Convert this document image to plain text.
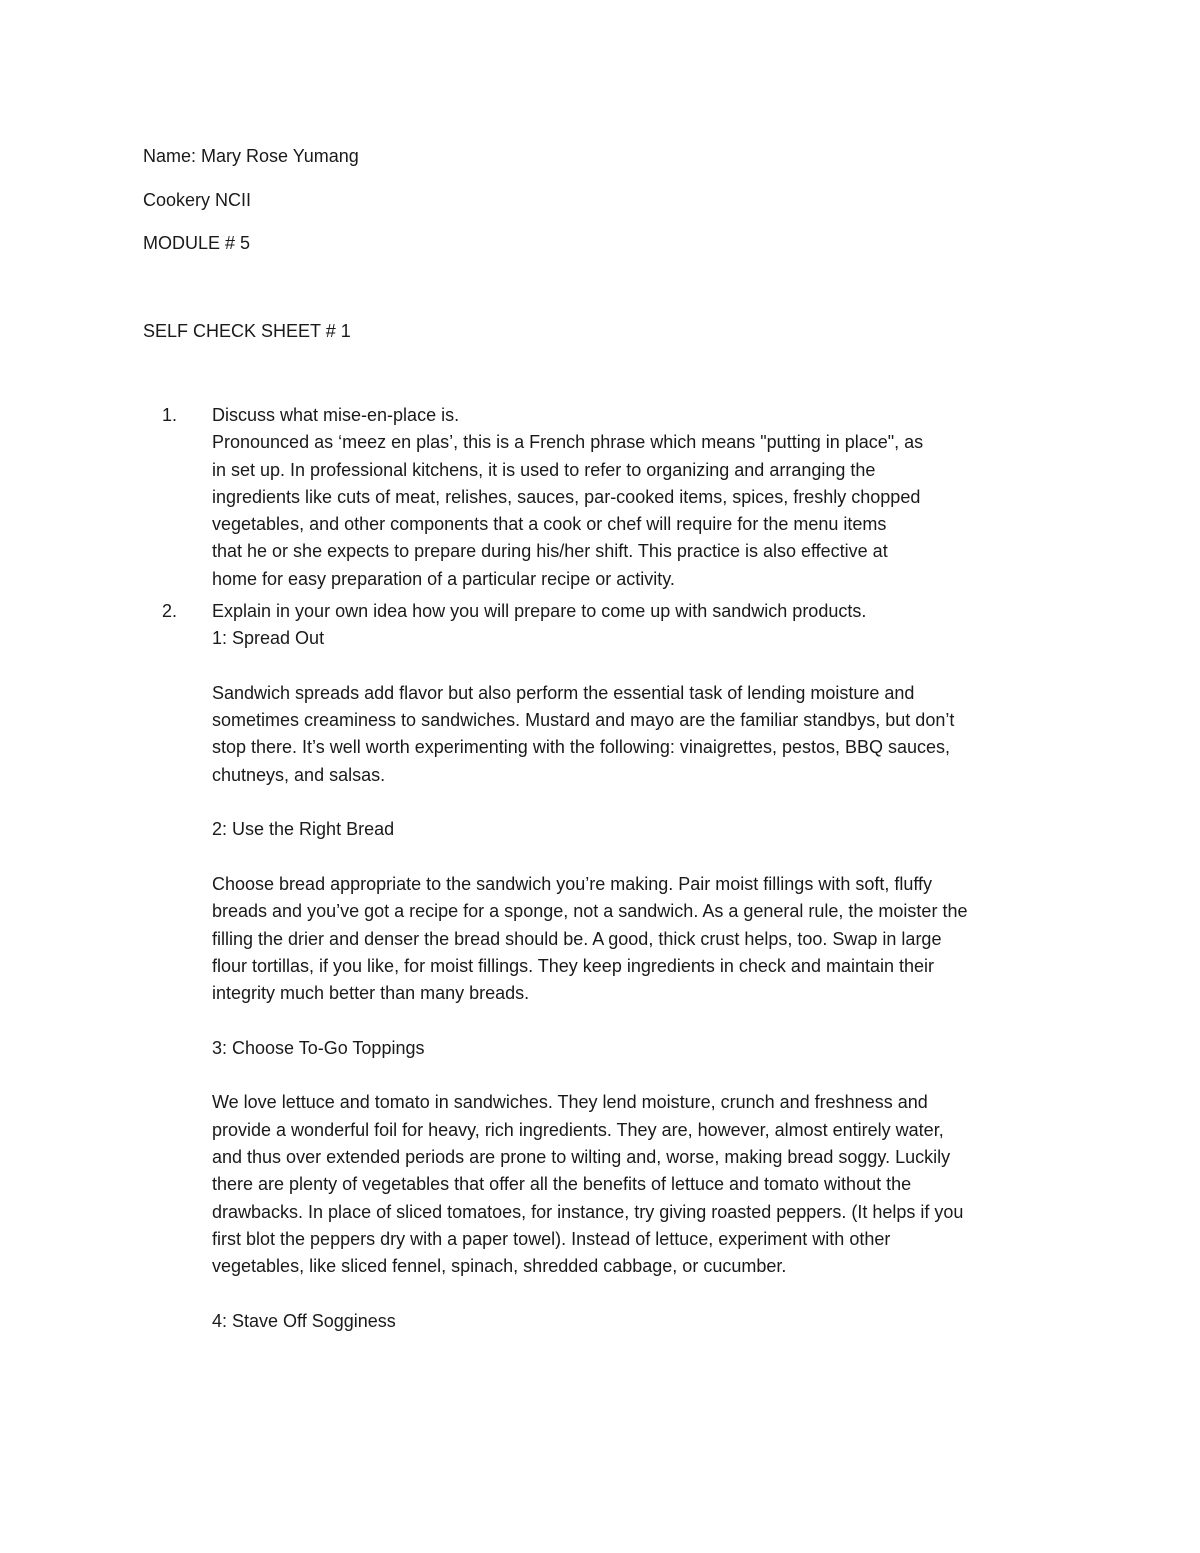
Name: Mary Rose Yumang
Cookery NCII
MODULE # 5
SELF CHECK SHEET # 1
1.	Discuss what mise-en-place is.

Pronounced as ‘meez en plas’, this is a French phrase which means "putting in place", as

in set up. In professional kitchens, it is used to refer to organizing and arranging the

ingredients like cuts of meat, relishes, sauces, par-cooked items, spices, freshly chopped

vegetables, and other components that a cook or chef will require for the menu items

that he or she expects to prepare during his/her shift. This practice is also effective at

home for easy preparation of a particular recipe or activity.

2.	Explain in your own idea how you will prepare to come up with sandwich products.

1: Spread Out

Sandwich spreads add flavor but also perform the essential task of lending moisture and

sometimes creaminess to sandwiches. Mustard and mayo are the familiar standbys, but don’t

stop there. It’s well worth experimenting with the following: vinaigrettes, pestos, BBQ sauces,

chutneys, and salsas.

2: Use the Right Bread

Choose bread appropriate to the sandwich you’re making. Pair moist fillings with soft, fluffy

breads and you’ve got a recipe for a sponge, not a sandwich. As a general rule, the moister the

filling the drier and denser the bread should be. A good, thick crust helps, too. Swap in large

flour tortillas, if you like, for moist fillings. They keep ingredients in check and maintain their

integrity much better than many breads.

3: Choose To-Go Toppings

We love lettuce and tomato in sandwiches. They lend moisture, crunch and freshness and

provide a wonderful foil for heavy, rich ingredients. They are, however, almost entirely water,

and thus over extended periods are prone to wilting and, worse, making bread soggy. Luckily

there are plenty of vegetables that offer all the benefits of lettuce and tomato without the

drawbacks. In place of sliced tomatoes, for instance, try giving roasted peppers. (It helps if you

first blot the peppers dry with a paper towel). Instead of lettuce, experiment with other

vegetables, like sliced fennel, spinach, shredded cabbage, or cucumber.

4: Stave Off Sogginess
